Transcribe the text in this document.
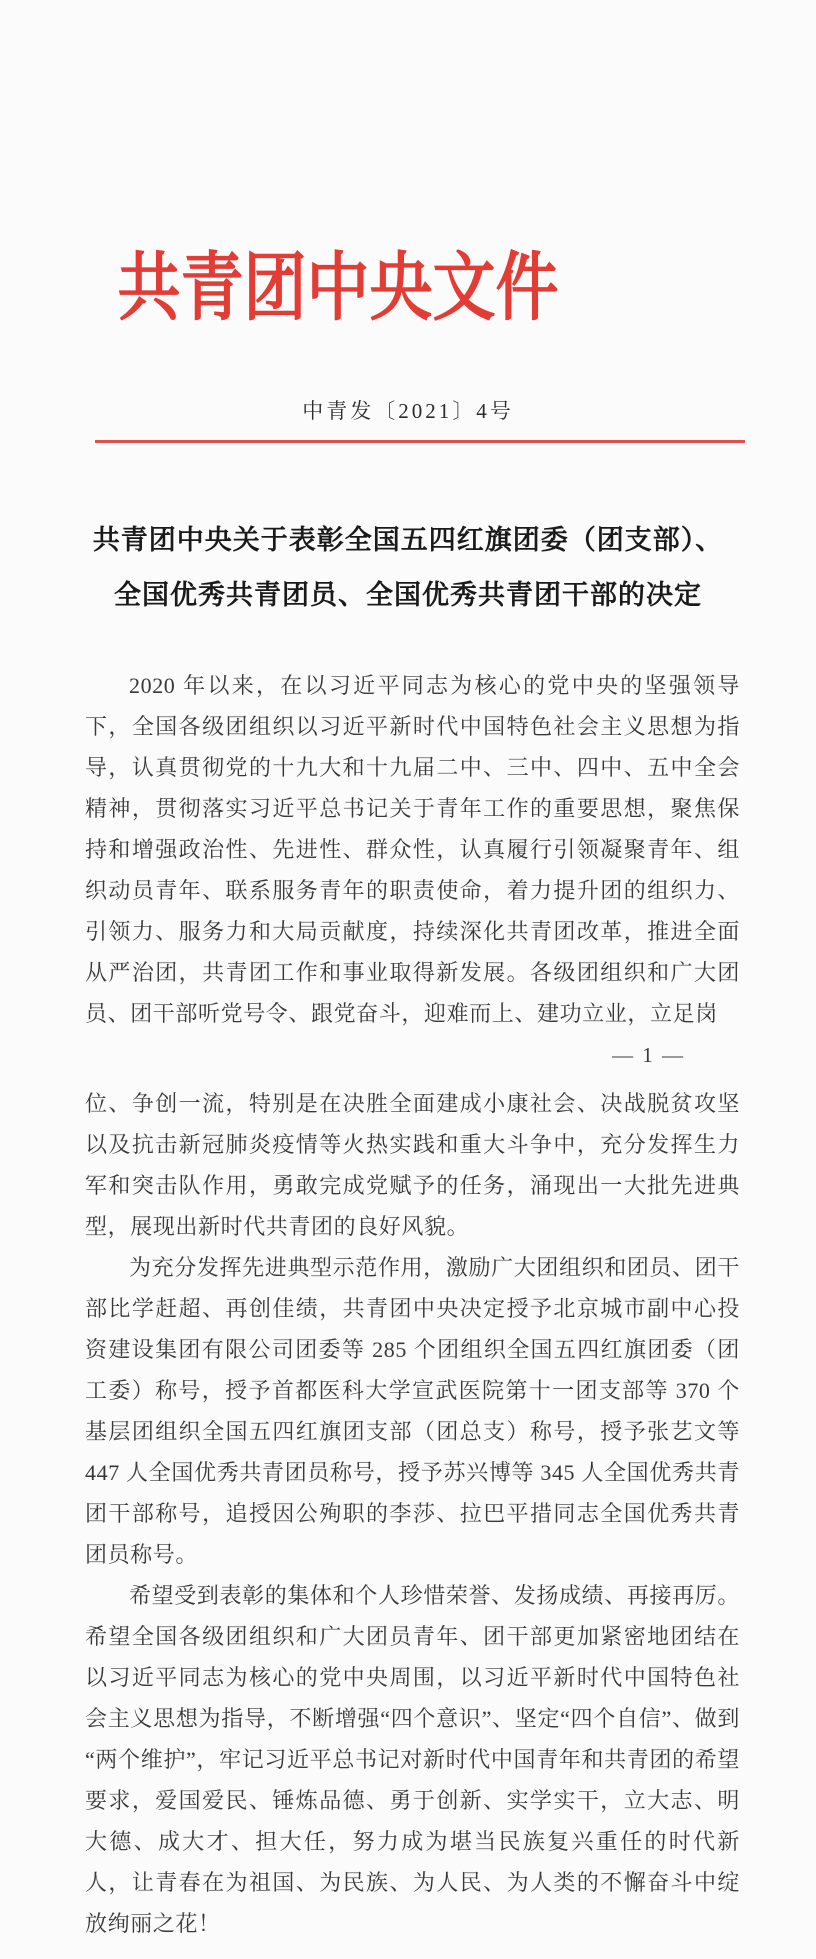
共青团中央文件
中青发〔2021〕4号
共青团中央关于表彰全国五四红旗团委（团支部）、
全国优秀共青团员、全国优秀共青团干部的决定

2020 年以来，在以习近平同志为核心的党中央的坚强领导下，全国各级团组织以习近平新时代中国特色社会主义思想为指导，认真贯彻党的十九大和十九届二中、三中、四中、五中全会精神，贯彻落实习近平总书记关于青年工作的重要思想，聚焦保持和增强政治性、先进性、群众性，认真履行引领凝聚青年、组织动员青年、联系服务青年的职责使命，着力提升团的组织力、引领力、服务力和大局贡献度，持续深化共青团改革，推进全面从严治团，共青团工作和事业取得新发展。各级团组织和广大团员、团干部听党号令、跟党奋斗，迎难而上、建功立业，立足岗

— 1 —

位、争创一流，特别是在决胜全面建成小康社会、决战脱贫攻坚以及抗击新冠肺炎疫情等火热实践和重大斗争中，充分发挥生力军和突击队作用，勇敢完成党赋予的任务，涌现出一大批先进典型，展现出新时代共青团的良好风貌。

为充分发挥先进典型示范作用，激励广大团组织和团员、团干部比学赶超、再创佳绩，共青团中央决定授予北京城市副中心投资建设集团有限公司团委等 285 个团组织全国五四红旗团委（团工委）称号，授予首都医科大学宣武医院第十一团支部等 370 个基层团组织全国五四红旗团支部（团总支）称号，授予张艺文等 447 人全国优秀共青团员称号，授予苏兴博等 345 人全国优秀共青团干部称号，追授因公殉职的李莎、拉巴平措同志全国优秀共青团员称号。

希望受到表彰的集体和个人珍惜荣誉、发扬成绩、再接再厉。希望全国各级团组织和广大团员青年、团干部更加紧密地团结在以习近平同志为核心的党中央周围，以习近平新时代中国特色社会主义思想为指导，不断增强“四个意识”、坚定“四个自信”、做到“两个维护”，牢记习近平总书记对新时代中国青年和共青团的希望要求，爱国爱民、锤炼品德、勇于创新、实学实干，立大志、明大德、成大才、担大任，努力成为堪当民族复兴重任的时代新人，让青春在为祖国、为民族、为人民、为人类的不懈奋斗中绽放绚丽之花！
